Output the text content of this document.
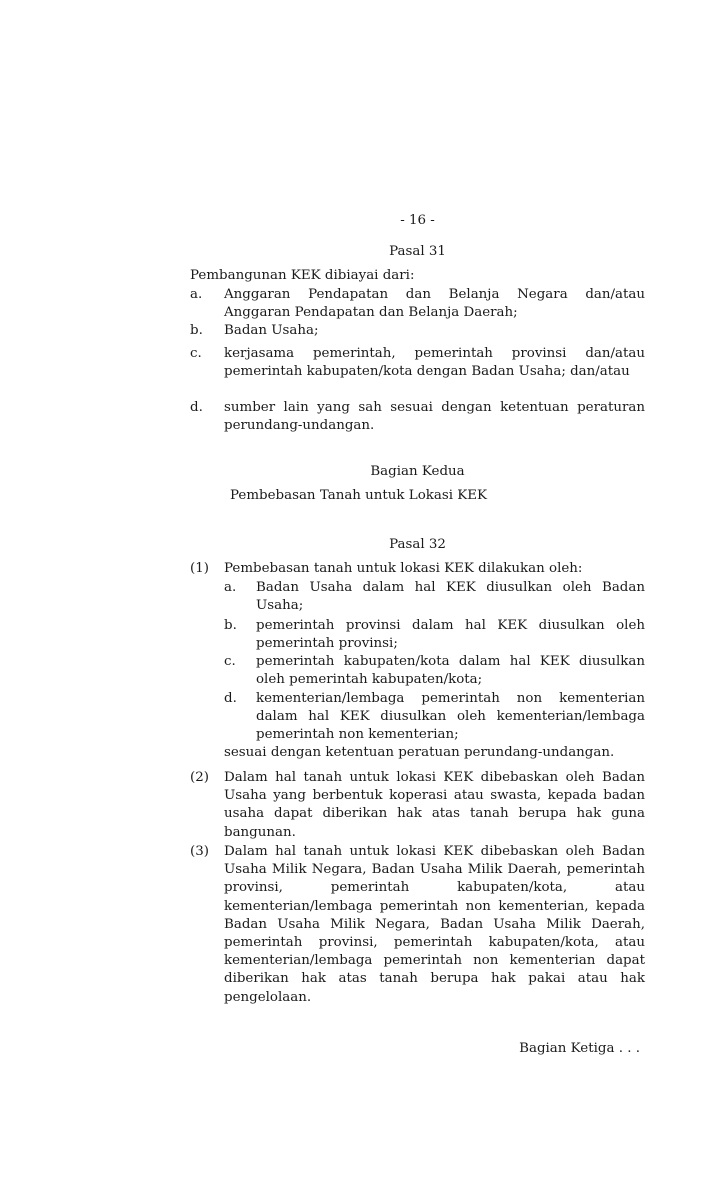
- 16 -
Pasal 31
Pembangunan KEK dibiayai dari:
a. Anggaran Pendapatan dan Belanja Negara dan/atau Anggaran Pendapatan dan Belanja Daerah;
b. Badan Usaha;
c. kerjasama pemerintah, pemerintah provinsi dan/atau pemerintah kabupaten/kota dengan Badan Usaha; dan/atau
d. sumber lain yang sah sesuai dengan ketentuan peraturan perundang-undangan.
Bagian Kedua
Pembebasan Tanah untuk Lokasi KEK
Pasal 32
(1) Pembebasan tanah untuk lokasi KEK dilakukan oleh:
a. Badan Usaha dalam hal KEK diusulkan oleh Badan Usaha;
b. pemerintah provinsi dalam hal KEK diusulkan oleh pemerintah provinsi;
c. pemerintah kabupaten/kota dalam hal KEK diusulkan oleh pemerintah kabupaten/kota;
d. kementerian/lembaga pemerintah non kementerian dalam hal KEK diusulkan oleh kementerian/lembaga pemerintah non kementerian;
sesuai dengan ketentuan peratuan perundang-undangan.
(2) Dalam hal tanah untuk lokasi KEK dibebaskan oleh Badan Usaha yang berbentuk koperasi atau swasta, kepada badan usaha dapat diberikan hak atas tanah berupa hak guna bangunan.
(3) Dalam hal tanah untuk lokasi KEK dibebaskan oleh Badan Usaha Milik Negara, Badan Usaha Milik Daerah, pemerintah provinsi, pemerintah kabupaten/kota, atau kementerian/lembaga pemerintah non kementerian, kepada Badan Usaha Milik Negara, Badan Usaha Milik Daerah, pemerintah provinsi, pemerintah kabupaten/kota, atau kementerian/lembaga pemerintah non kementerian dapat diberikan hak atas tanah berupa hak pakai atau hak pengelolaan.
Bagian Ketiga . . .
